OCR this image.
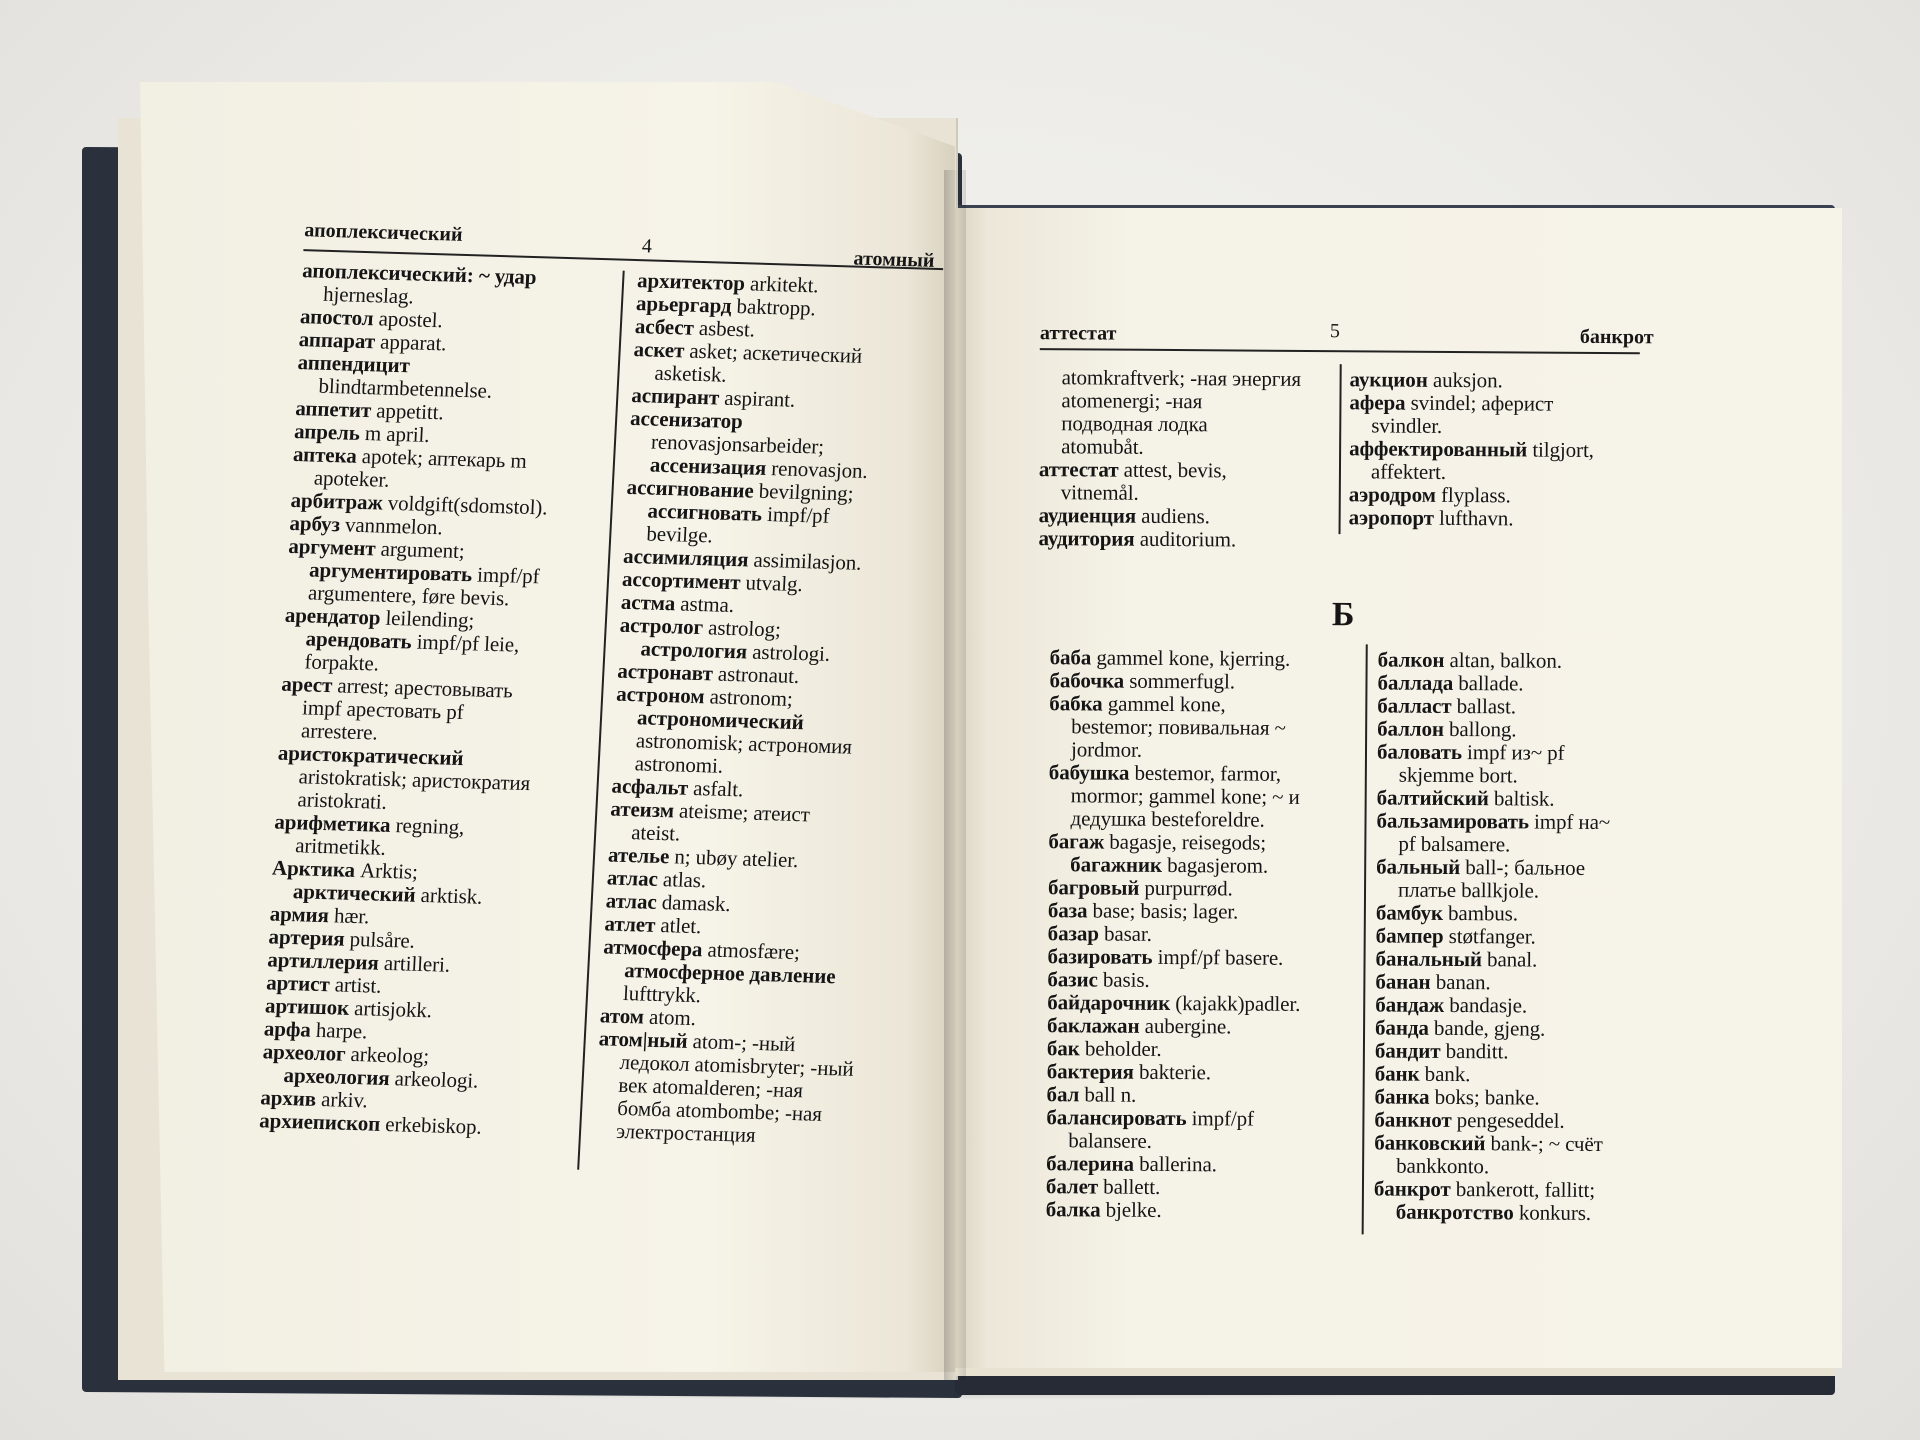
апоплексический
4
атомный
апоплексический: ~ удар
hjerneslag.
апостол apostel.
аппарат apparat.
аппендицит
blindtarmbetennelse.
аппетит appetitt.
апрель m april.
аптека apotek; аптекарь m
apoteker.
арбитраж voldgift(sdomstol).
арбуз vannmelon.
аргумент argument;
аргументировать impf/pf
argumentere, føre bevis.
арендатор leilending;
арендовать impf/pf leie,
forpakte.
арест arrest; арестовывать
impf арестовать pf
arrestere.
аристократический
aristokratisk; аристократия
aristokrati.
арифметика regning,
aritmetikk.
Арктика Arktis;
арктический arktisk.
армия hær.
артерия pulsåre.
артиллерия artilleri.
артист artist.
артишок artisjokk.
арфа harpe.
археолог arkeolog;
археология arkeologi.
архив arkiv.
архиепископ erkebiskop.
архитектор arkitekt.
арьергард baktropp.
асбест asbest.
аскет asket; аскетический
asketisk.
аспирант aspirant.
ассенизатор
renovasjonsarbeider;
ассенизация renovasjon.
ассигнование bevilgning;
ассигновать impf/pf
bevilge.
ассимиляция assimilasjon.
ассортимент utvalg.
астма astma.
астролог astrolog;
астрология astrologi.
астронавт astronaut.
астроном astronom;
астрономический
astronomisk; астрономия
astronomi.
асфальт asfalt.
атеизм ateisme; атеист
ateist.
ателье n; ubøy atelier.
атлас atlas.
атлас damask.
атлет atlet.
атмосфера atmosfære;
атмосферное давление
lufttrykk.
атом atom.
атом|ный atom-; -ный
ледокол atomisbryter; -ный
век atomalderen; -ная
бомба atombombe; -ная
электростанция
аттестат	5	банкрот
atomkraftverk; -ная энергия
atomenergi; -ная
подводная лодка
atomubåt.
аттестат attest, bevis,
vitnemål.
аудиенция audiens.
аудитория auditorium.
аукцион auksjon.
афера svindel; аферист
svindler.
аффектированный tilgjort,
affektert.
аэродром flyplass.
аэропорт lufthavn.
Б
баба gammel kone, kjerring.
бабочка sommerfugl.
бабка gammel kone,
bestemor; повивальная ~
jordmor.
бабушка bestemor, farmor,
mormor; gammel kone; ~ и
дедушка besteforeldre.
багаж bagasje, reisegods;
багажник bagasjerom.
багровый purpurrød.
база base; basis; lager.
базар basar.
базировать impf/pf basere.
базис basis.
байдарочник (kajakk)padler.
баклажан aubergine.
бак beholder.
бактерия bakterie.
бал ball n.
балансировать impf/pf
balansere.
балерина ballerina.
балет ballett.
балка bjelke.
балкон altan, balkon.
баллада ballade.
балласт ballast.
баллон ballong.
баловать impf из~ pf
skjemme bort.
балтийский baltisk.
бальзамировать impf на~
pf balsamere.
бальный ball-; бальное
платье ballkjole.
бамбук bambus.
бампер støtfanger.
банальный banal.
банан banan.
бандаж bandasje.
банда bande, gjeng.
бандит banditt.
банк bank.
банка boks; banke.
банкнот pengeseddel.
банковский bank-; ~ счёт
bankkonto.
банкрот bankerott, fallitt;
банкротство konkurs.
